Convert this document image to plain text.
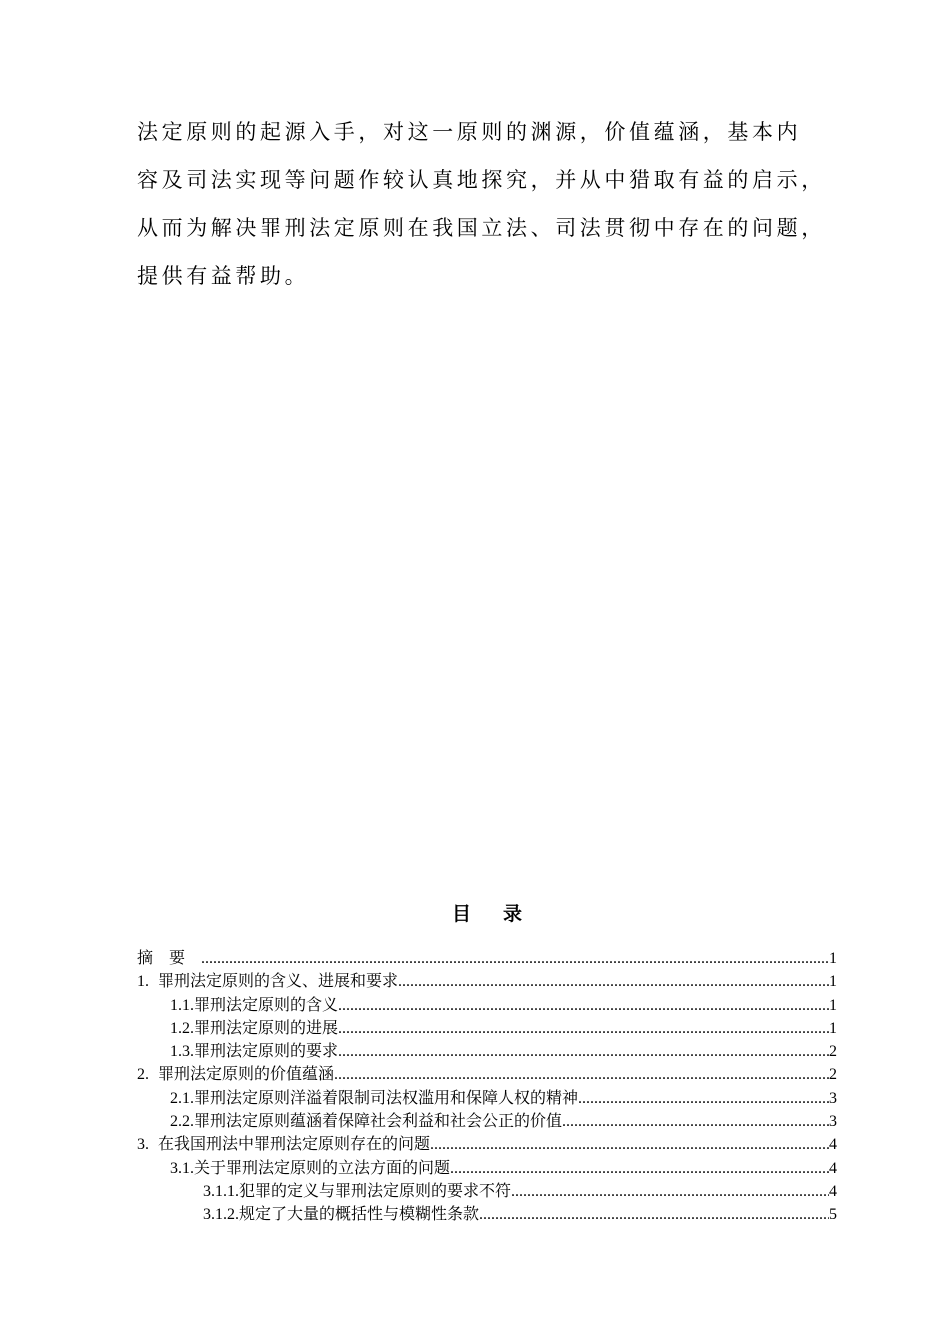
法定原则的起源入手，对这一原则的渊源，价值蕴涵，基本内
容及司法实现等问题作较认真地探究，并从中猎取有益的启示，
从而为解决罪刑法定原则在我国立法、司法贯彻中存在的问题，
提供有益帮助。
目录
摘要 .....	1
1. 罪刑法定原则的含义、进展和要求 .....	1
1.1. 罪刑法定原则的含义 .....	1
1.2. 罪刑法定原则的进展 .....	1
1.3. 罪刑法定原则的要求 .....	2
2. 罪刑法定原则的价值蕴涵 .....	2
2.1. 罪刑法定原则洋溢着限制司法权滥用和保障人权的精神 .....	3
2.2. 罪刑法定原则蕴涵着保障社会利益和社会公正的价值 .....	3
3. 在我国刑法中罪刑法定原则存在的问题 .....	4
3.1. 关于罪刑法定原则的立法方面的问题 .....	4
3.1.1. 犯罪的定义与罪刑法定原则的要求不符 .....	4
3.1.2. 规定了大量的概括性与模糊性条款 .....	5
